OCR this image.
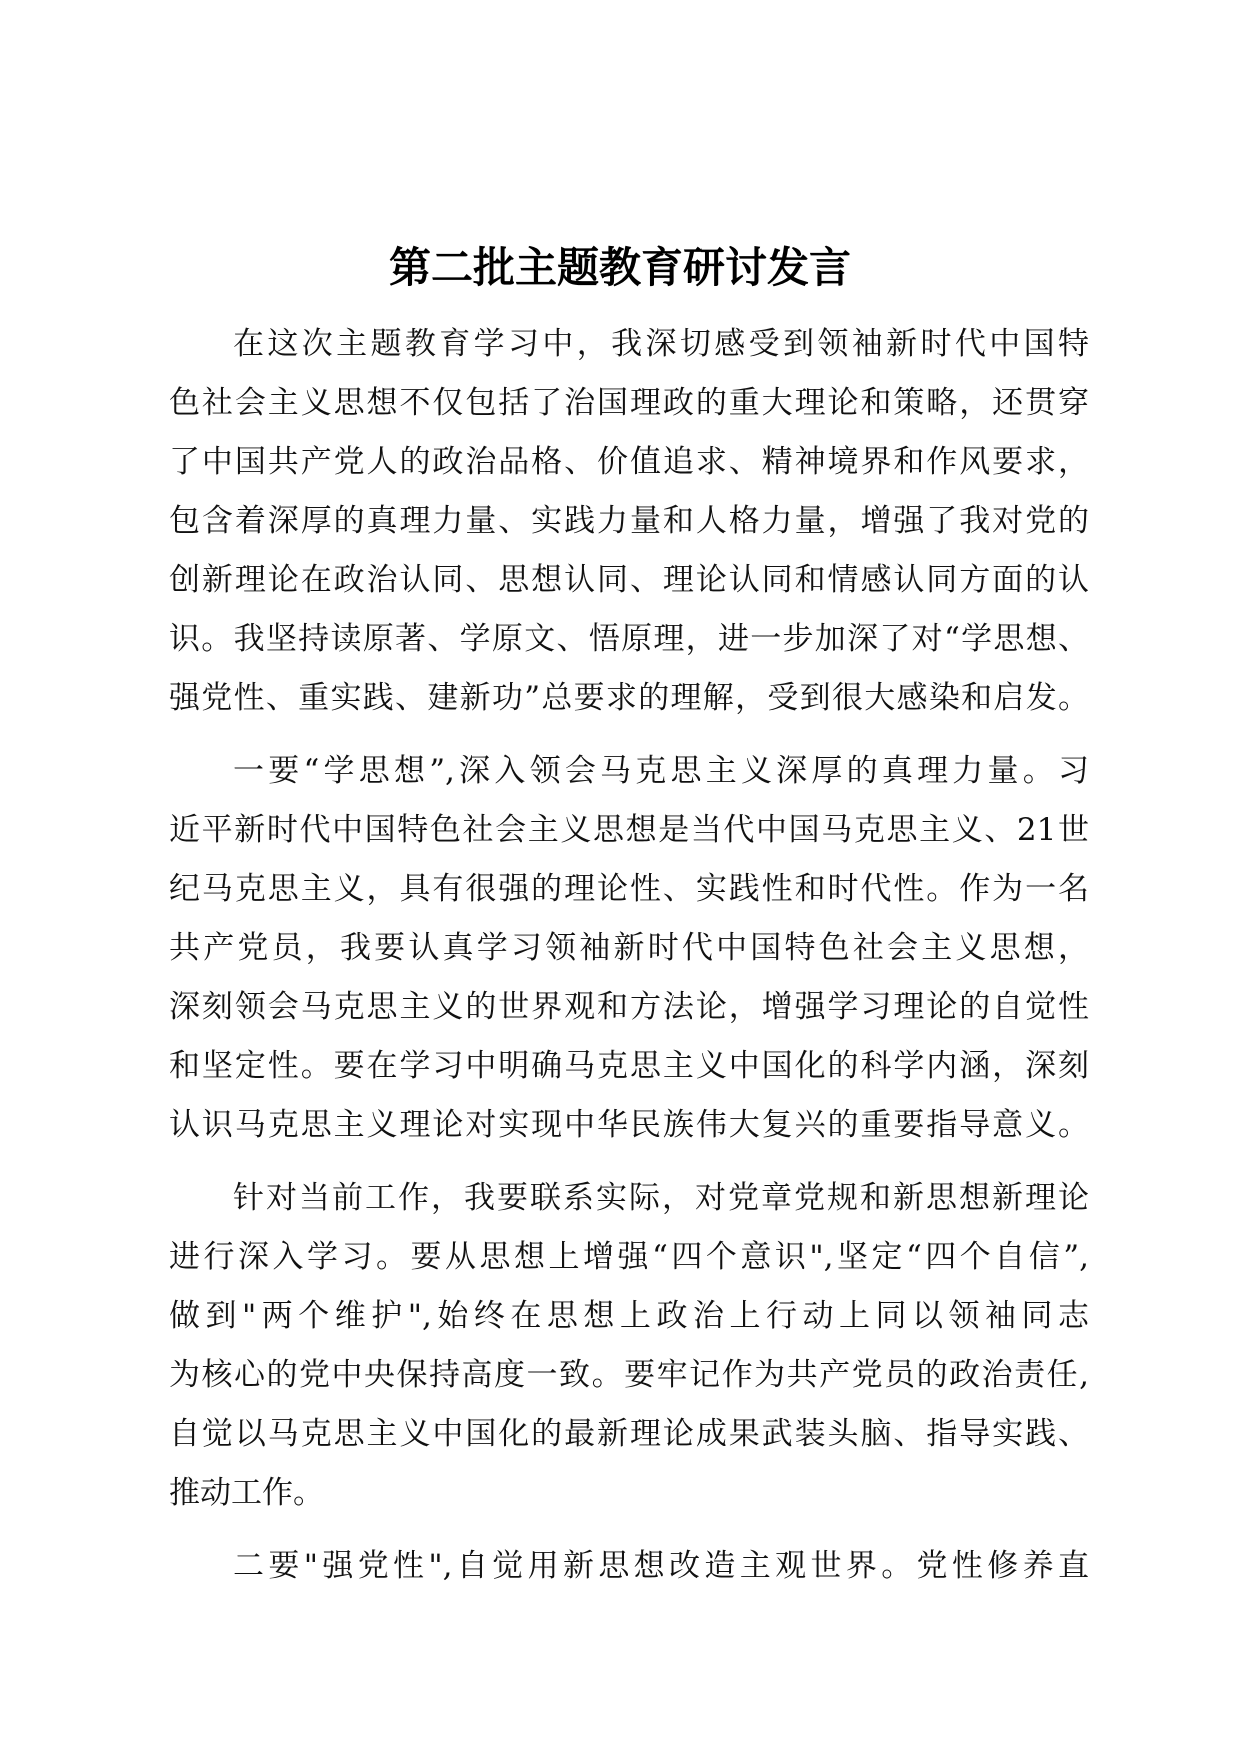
第二批主题教育研讨发言
在这次主题教育学习中，我深切感受到领袖新时代中国特
色社会主义思想不仅包括了治国理政的重大理论和策略，还贯穿
了中国共产党人的政治品格、价值追求、精神境界和作风要求，
包含着深厚的真理力量、实践力量和人格力量，增强了我对党的
创新理论在政治认同、思想认同、理论认同和情感认同方面的认
识。我坚持读原著、学原文、悟原理，进一步加深了对“学思想、
强党性、重实践、建新功”总要求的理解，受到很大感染和启发。
一要“学思想”,深入领会马克思主义深厚的真理力量。习
近平新时代中国特色社会主义思想是当代中国马克思主义、21世
纪马克思主义，具有很强的理论性、实践性和时代性。作为一名
共产党员，我要认真学习领袖新时代中国特色社会主义思想，
深刻领会马克思主义的世界观和方法论，增强学习理论的自觉性
和坚定性。要在学习中明确马克思主义中国化的科学内涵，深刻
认识马克思主义理论对实现中华民族伟大复兴的重要指导意义。
针对当前工作，我要联系实际，对党章党规和新思想新理论
进行深入学习。要从思想上增强“四个意识",坚定“四个自信”,
做到"两个维护",始终在思想上政治上行动上同以领袖同志
为核心的党中央保持高度一致。要牢记作为共产党员的政治责任,
自觉以马克思主义中国化的最新理论成果武装头脑、指导实践、
推动工作。
二要"强党性",自觉用新思想改造主观世界。党性修养直
